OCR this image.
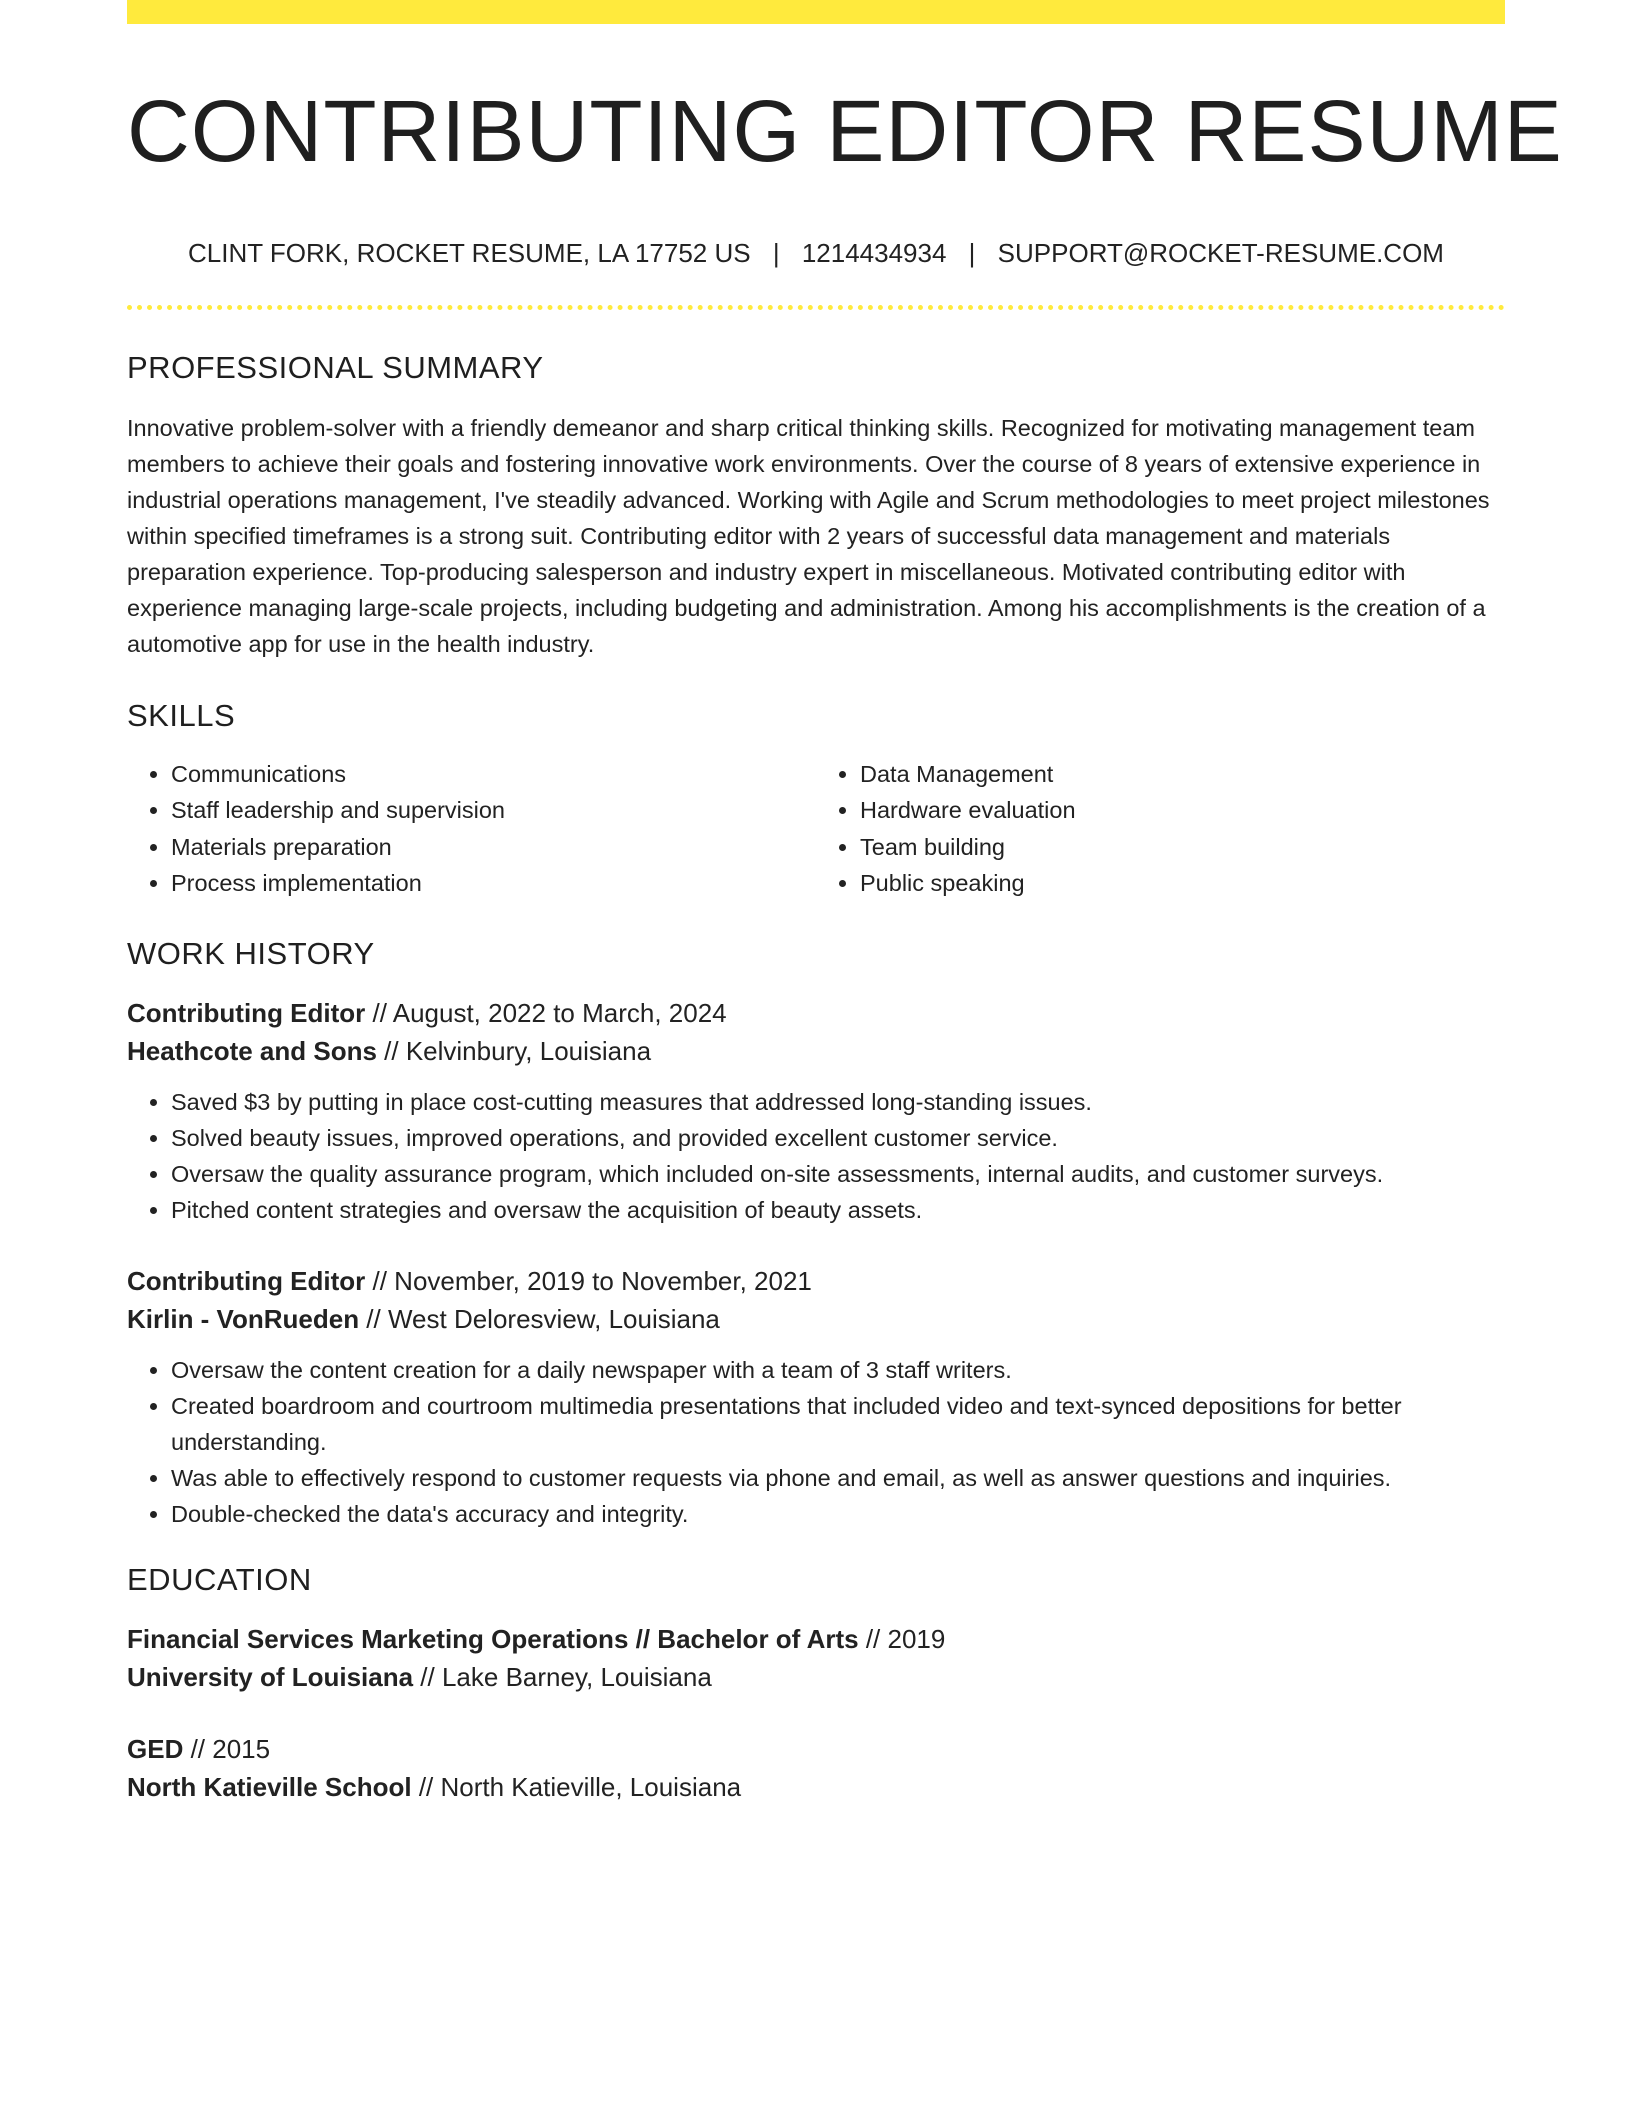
CONTRIBUTING EDITOR RESUME
CLINT FORK, ROCKET RESUME, LA 17752 US | 1214434934 | SUPPORT@ROCKET-RESUME.COM
PROFESSIONAL SUMMARY

Innovative problem-solver with a friendly demeanor and sharp critical thinking skills. Recognized for motivating management team members to achieve their goals and fostering innovative work environments. Over the course of 8 years of extensive experience in industrial operations management, I've steadily advanced. Working with Agile and Scrum methodologies to meet project milestones within specified timeframes is a strong suit. Contributing editor with 2 years of successful data management and materials preparation experience. Top-producing salesperson and industry expert in miscellaneous. Motivated contributing editor with experience managing large-scale projects, including budgeting and administration. Among his accomplishments is the creation of a automotive app for use in the health industry.

SKILLS
• Communications
• Staff leadership and supervision
• Materials preparation
• Process implementation
• Data Management
• Hardware evaluation
• Team building
• Public speaking
WORK HISTORY
Contributing Editor // August, 2022 to March, 2024
Heathcote and Sons // Kelvinbury, Louisiana
• Saved $3 by putting in place cost-cutting measures that addressed long-standing issues.
• Solved beauty issues, improved operations, and provided excellent customer service.
• Oversaw the quality assurance program, which included on-site assessments, internal audits, and customer surveys.
• Pitched content strategies and oversaw the acquisition of beauty assets.
Contributing Editor // November, 2019 to November, 2021
Kirlin - VonRueden // West Deloresview, Louisiana
• Oversaw the content creation for a daily newspaper with a team of 3 staff writers.
• Created boardroom and courtroom multimedia presentations that included video and text-synced depositions for better understanding.
• Was able to effectively respond to customer requests via phone and email, as well as answer questions and inquiries.
• Double-checked the data's accuracy and integrity.
EDUCATION
Financial Services Marketing Operations // Bachelor of Arts // 2019
University of Louisiana // Lake Barney, Louisiana
GED // 2015
North Katieville School // North Katieville, Louisiana
